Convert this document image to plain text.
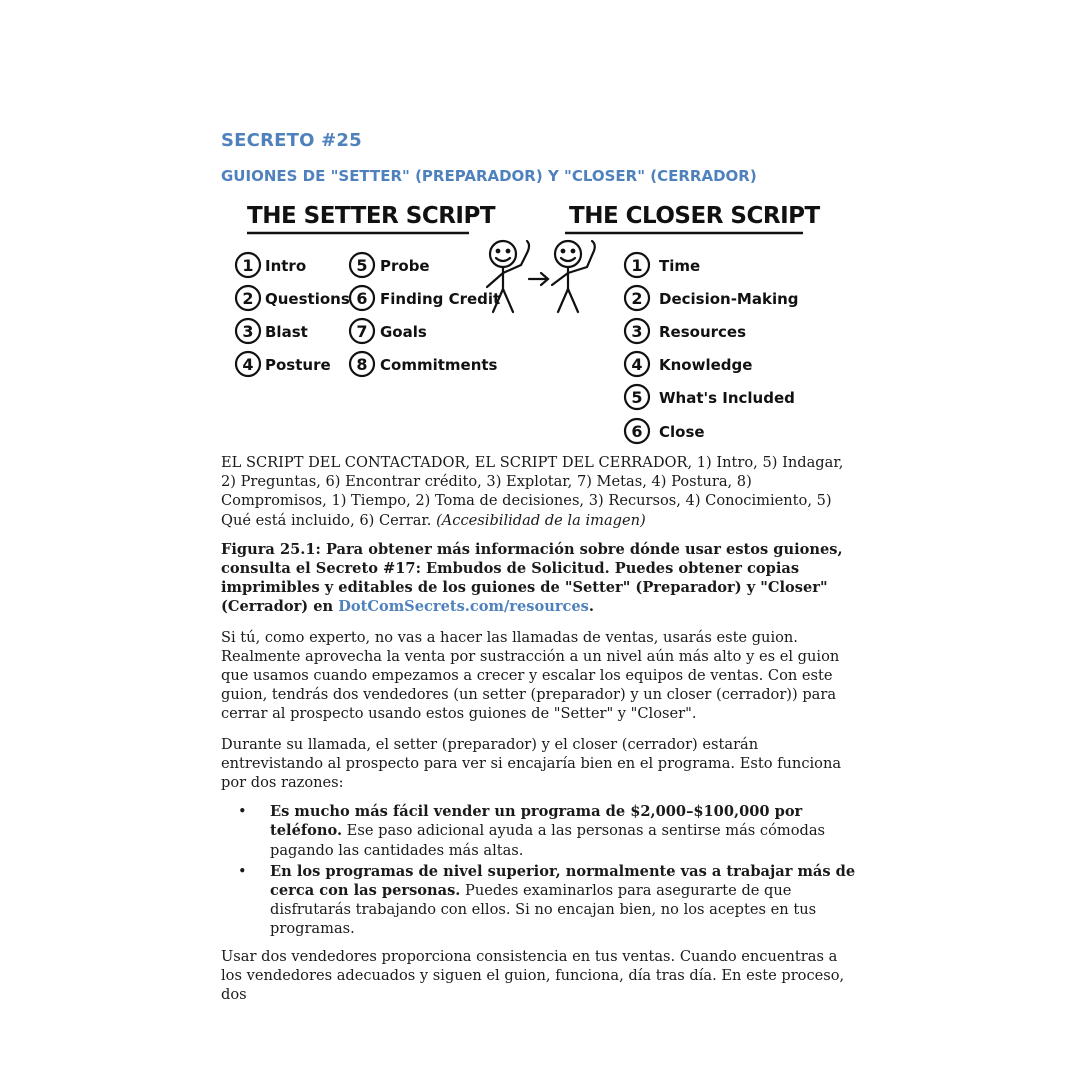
SECRETO #25
GUIONES DE "SETTER" (PREPARADOR) Y "CLOSER" (CERRADOR)
THE SETTER SCRIPT	THE CLOSER SCRIPT
1 Intro
2 Questions
3 Blast
4 Posture
5 Probe
6 Finding Credit
7 Goals
8 Commitments
1 Time
2 Decision-Making
3 Resources
4 Knowledge
5 What's Included
6 Close

EL SCRIPT DEL CONTACTADOR, EL SCRIPT DEL CERRADOR, 1) Intro, 5) Indagar, 2) Preguntas, 6) Encontrar crédito, 3) Explotar, 7) Metas, 4) Postura, 8) Compromisos, 1) Tiempo, 2) Toma de decisiones, 3) Recursos, 4) Conocimiento, 5) Qué está incluido, 6) Cerrar. (Accesibilidad de la imagen)

Figura 25.1: Para obtener más información sobre dónde usar estos guiones, consulta el Secreto #17: Embudos de Solicitud. Puedes obtener copias imprimibles y editables de los guiones de "Setter" (Preparador) y "Closer" (Cerrador) en DotComSecrets.com/resources.

Si tú, como experto, no vas a hacer las llamadas de ventas, usarás este guion. Realmente aprovecha la venta por sustracción a un nivel aún más alto y es el guion que usamos cuando empezamos a crecer y escalar los equipos de ventas. Con este guion, tendrás dos vendedores (un setter (preparador) y un closer (cerrador)) para cerrar al prospecto usando estos guiones de "Setter" y "Closer".

Durante su llamada, el setter (preparador) y el closer (cerrador) estarán entrevistando al prospecto para ver si encajaría bien en el programa. Esto funciona por dos razones:

• Es mucho más fácil vender un programa de $2,000–$100,000 por teléfono. Ese paso adicional ayuda a las personas a sentirse más cómodas pagando las cantidades más altas.
• En los programas de nivel superior, normalmente vas a trabajar más de cerca con las personas. Puedes examinarlos para asegurarte de que disfrutarás trabajando con ellos. Si no encajan bien, no los aceptes en tus programas.

Usar dos vendedores proporciona consistencia en tus ventas. Cuando encuentras a los vendedores adecuados y siguen el guion, funciona, día tras día. En este proceso, dos
